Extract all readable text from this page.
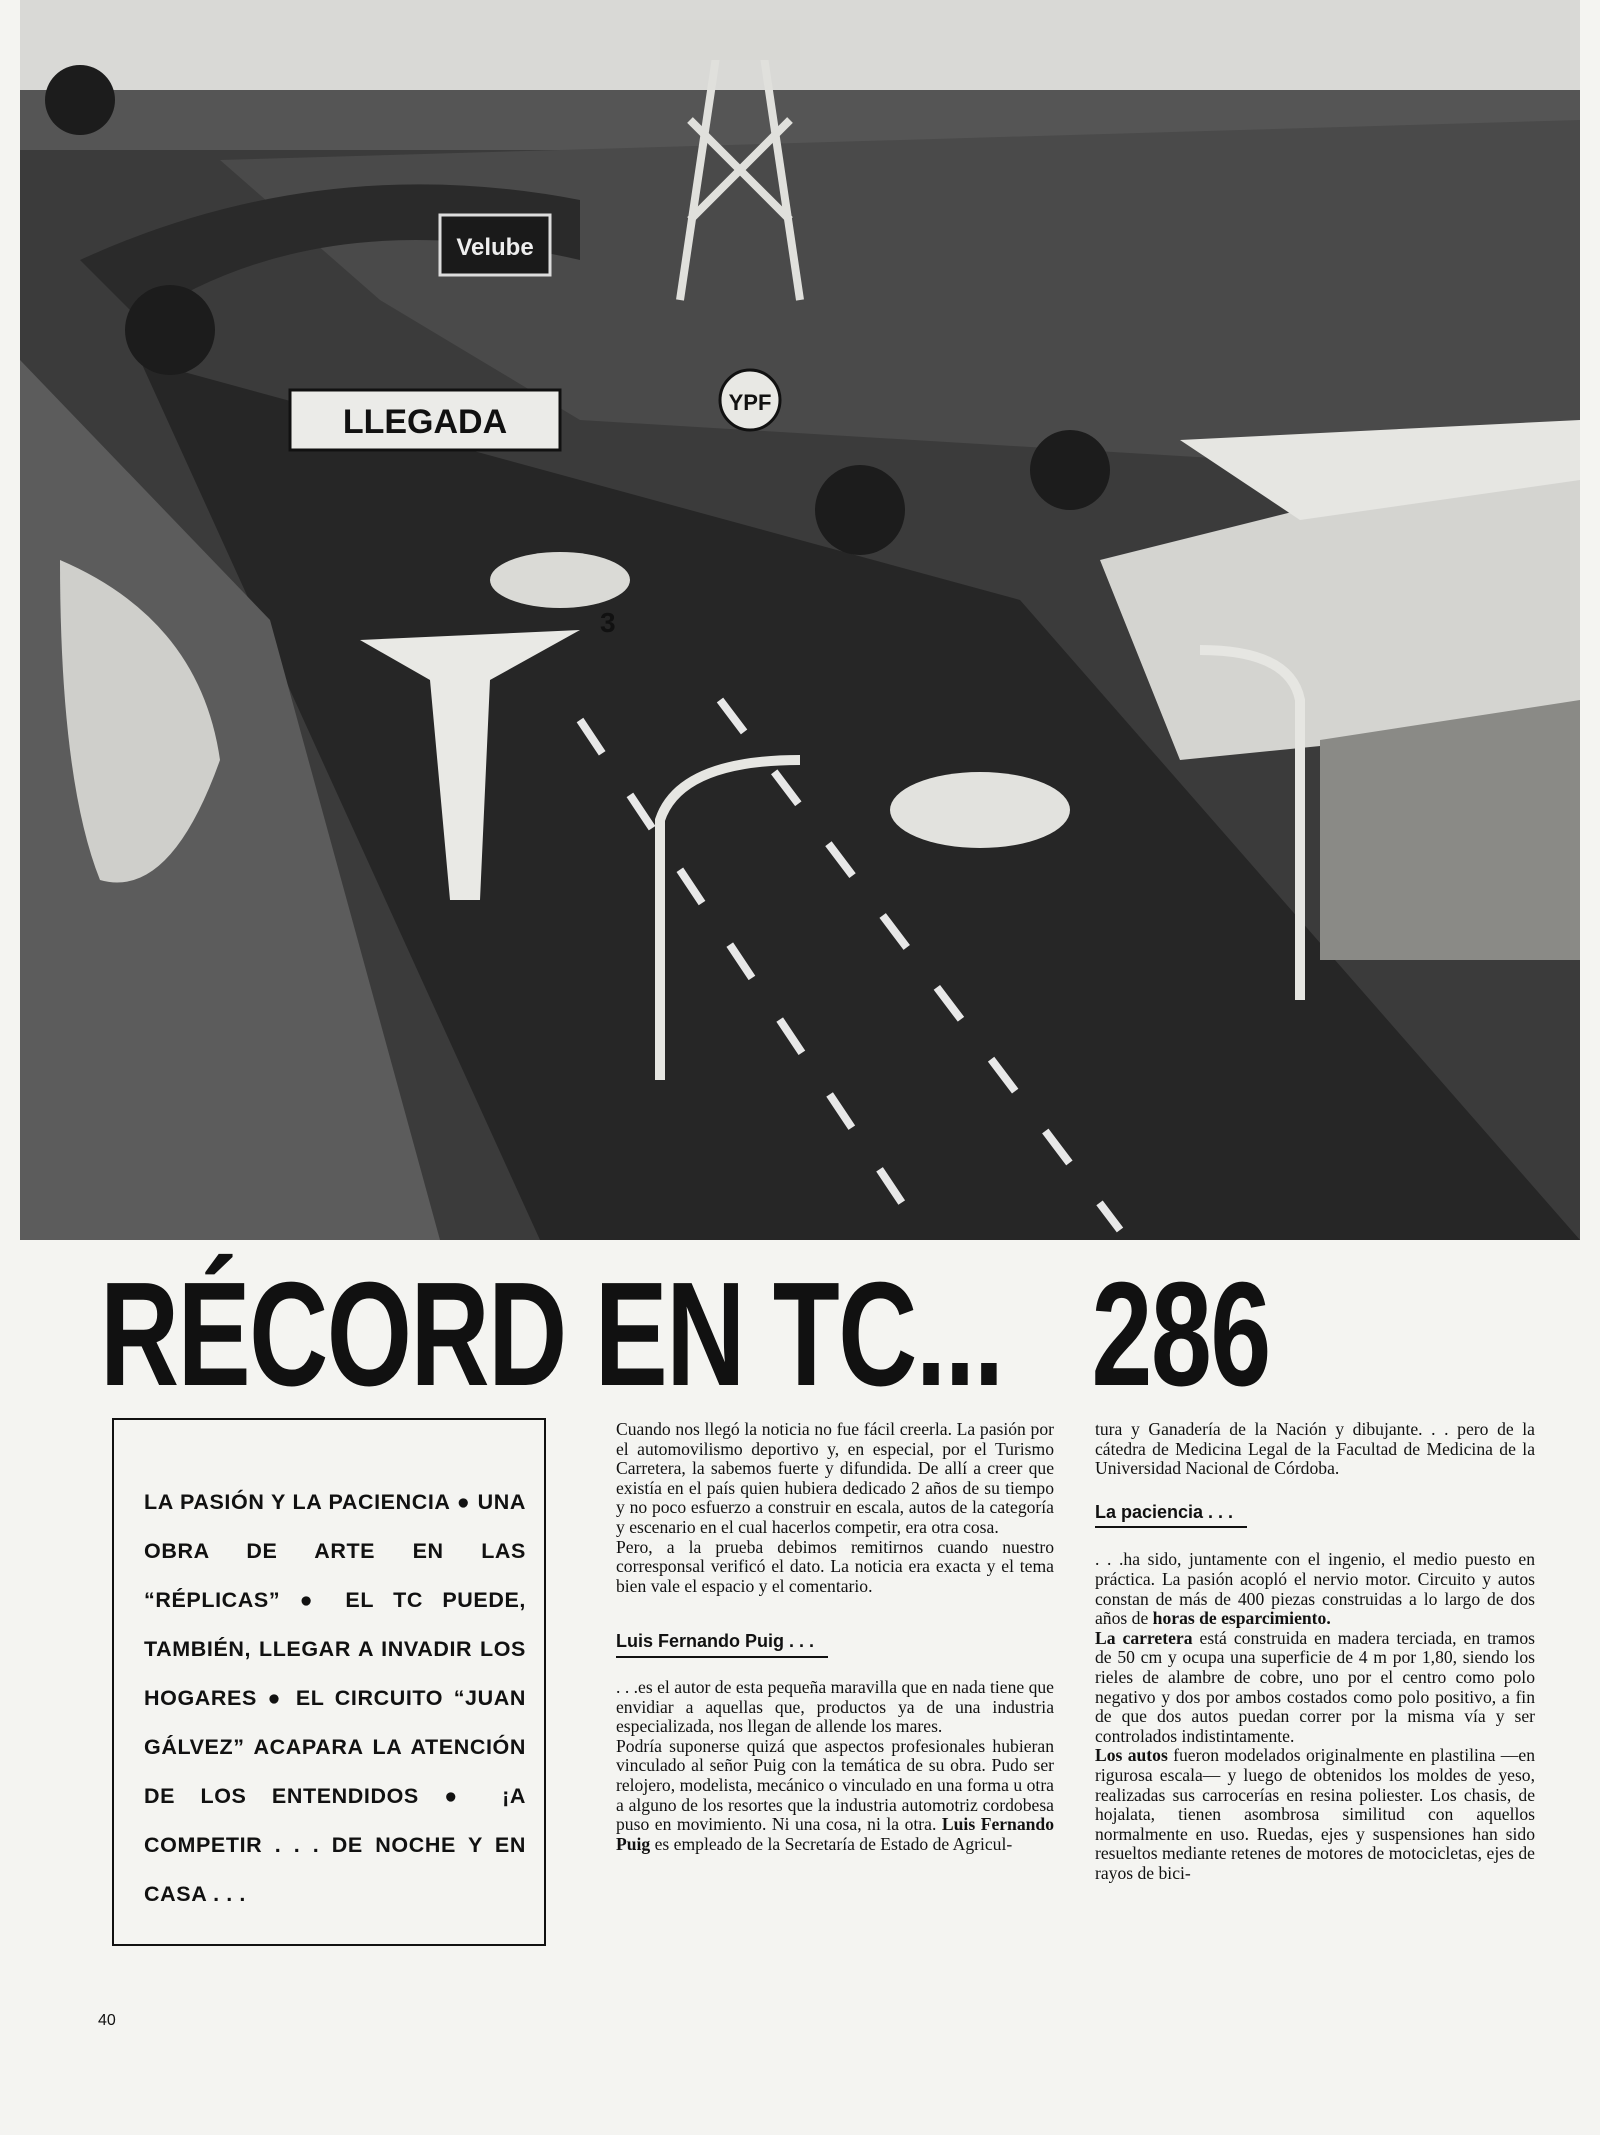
LLEGADA
Velube
YPF
3
RÉCORD EN TC... 286
LA PASIÓN Y LA PACIENCIA ● UNA OBRA DE ARTE EN LAS “RÉPLICAS” ● EL TC PUEDE, TAMBIÉN, LLEGAR A INVADIR LOS HOGARES ● EL CIRCUITO “JUAN GÁLVEZ” ACAPARA LA ATENCIÓN DE LOS ENTENDIDOS ● ¡A COMPETIR . . . DE NOCHE Y EN CASA . . .

Cuando nos llegó la noticia no fue fácil creerla. La pasión por el automovilismo deportivo y, en especial, por el Turismo Carretera, la sabemos fuerte y difundida. De allí a creer que existía en el país quien hubiera dedicado 2 años de su tiempo y no poco esfuerzo a construir en escala, autos de la categoría y escenario en el cual hacerlos competir, era otra cosa.

Pero, a la prueba debimos remitirnos cuando nuestro corresponsal verificó el dato. La noticia era exacta y el tema bien vale el espacio y el comentario.

Luis Fernando Puig . . .

. . .es el autor de esta pequeña maravilla que en nada tiene que envidiar a aquellas que, productos ya de una industria especializada, nos llegan de allende los mares.

Podría suponerse quizá que aspectos profesionales hubieran vinculado al señor Puig con la temática de su obra. Pudo ser relojero, modelista, mecánico o vinculado en una forma u otra a alguno de los resortes que la industria automotriz cordobesa puso en movimiento. Ni una cosa, ni la otra. Luis Fernando Puig es empleado de la Secretaría de Estado de Agricul-

tura y Ganadería de la Nación y dibujante. . . pero de la cátedra de Medicina Legal de la Facultad de Medicina de la Universidad Nacional de Córdoba.

La paciencia . . .

. . .ha sido, juntamente con el ingenio, el medio puesto en práctica. La pasión acopló el nervio motor. Circuito y autos constan de más de 400 piezas construidas a lo largo de dos años de horas de esparcimiento.

La carretera está construida en madera terciada, en tramos de 50 cm y ocupa una superficie de 4 m por 1,80, siendo los rieles de alambre de cobre, uno por el centro como polo negativo y dos por ambos costados como polo positivo, a fin de que dos autos puedan correr por la misma vía y ser controlados indistintamente.

Los autos fueron modelados originalmente en plastilina —en rigurosa escala— y luego de obtenidos los moldes de yeso, realizadas sus carrocerías en resina poliester. Los chasis, de hojalata, tienen asombrosa similitud con aquellos normalmente en uso. Ruedas, ejes y suspensiones han sido resueltos mediante retenes de motores de motocicletas, ejes de rayos de bici-

40
